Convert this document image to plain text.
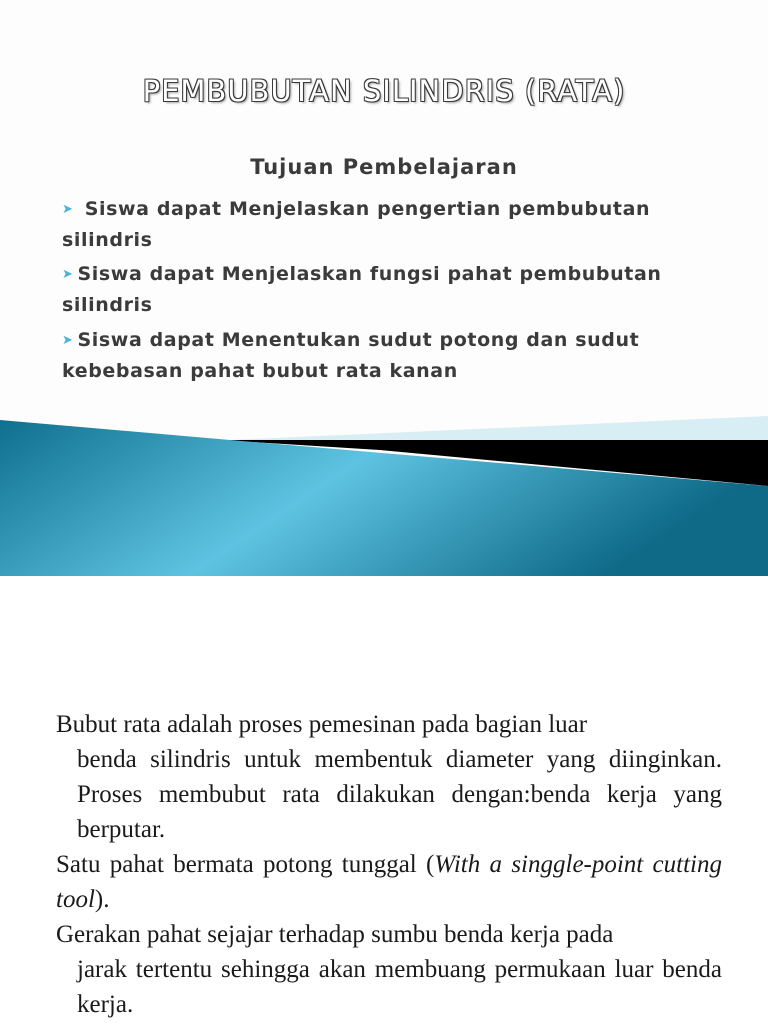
PEMBUBUTAN SILINDRIS (RATA)
Tujuan Pembelajaran
➤ Siswa dapat Menjelaskan pengertian pembubutan silindris
➤ Siswa dapat Menjelaskan fungsi pahat pembubutan silindris
➤ Siswa dapat Menentukan sudut potong dan sudut kebebasan pahat bubut rata kanan
Bubut rata adalah proses pemesinan pada bagian luar
benda silindris untuk membentuk diameter yang diinginkan. Proses membubut rata dilakukan dengan:benda kerja yang berputar.
Satu pahat bermata potong tunggal (With a singgle-point cutting tool).
Gerakan pahat sejajar terhadap sumbu benda kerja pada
jarak tertentu sehingga akan membuang permukaan luar benda kerja.
